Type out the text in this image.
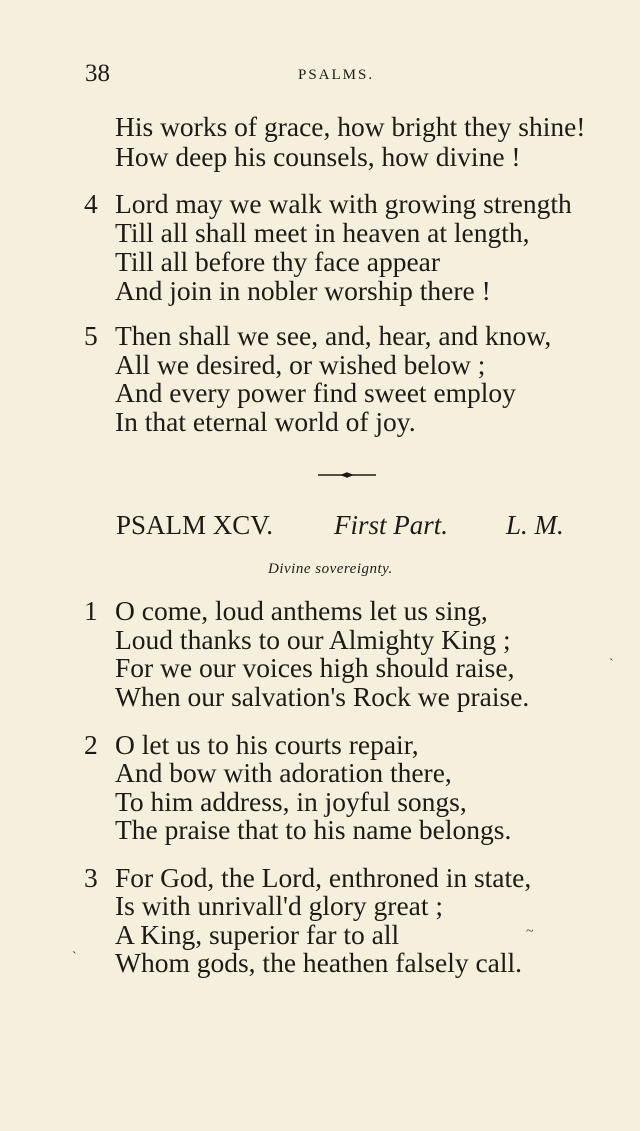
38	PSALMS.
His works of grace, how bright they shine!
How deep his counsels, how divine !
4 Lord may we walk with growing strength
Till all shall meet in heaven at length,
Till all before thy face appear
And join in nobler worship there !
5 Then shall we see, and, hear, and know,
All we desired, or wished below ;
And every power find sweet employ
In that eternal world of joy.
PSALM XCV. First Part. L. M.
Divine sovereignty.
1 O come, loud anthems let us sing,
Loud thanks to our Almighty King ;
For we our voices high should raise,
When our salvation's Rock we praise.
2 O let us to his courts repair,
And bow with adoration there,
To him address, in joyful songs,
The praise that to his name belongs.
3 For God, the Lord, enthroned in state,
Is with unrivall'd glory great ;
A King, superior far to all
Whom gods, the heathen falsely call.
`
~
`
